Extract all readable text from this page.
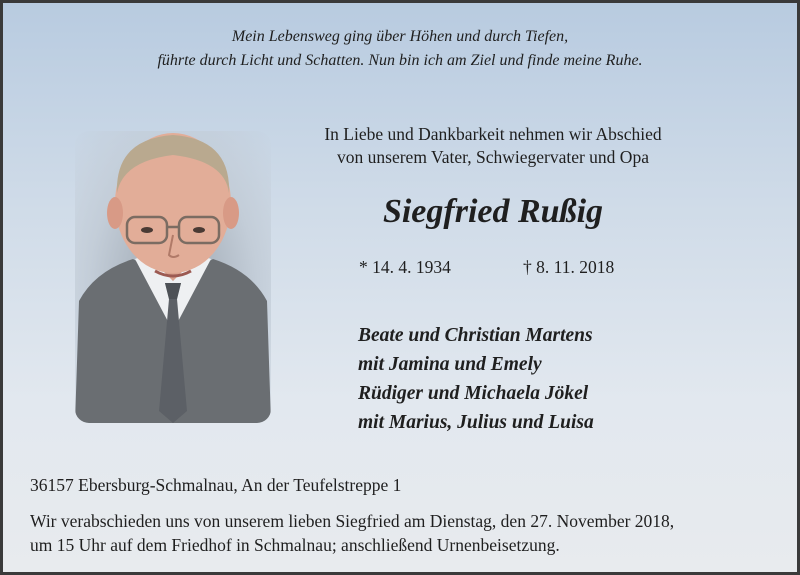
Mein Lebensweg ging über Höhen und durch Tiefen,
führte durch Licht und Schatten. Nun bin ich am Ziel und finde meine Ruhe.
In Liebe und Dankbarkeit nehmen wir Abschied
von unserem Vater, Schwiegervater und Opa
Siegfried Rußig
* 14. 4. 1934	† 8. 11. 2018
Beate und Christian Martens
mit Jamina und Emely
Rüdiger und Michaela Jökel
mit Marius, Julius und Luisa
36157 Ebersburg-Schmalnau, An der Teufelstreppe 1
Wir verabschieden uns von unserem lieben Siegfried am Dienstag, den 27. November 2018,
um 15 Uhr auf dem Friedhof in Schmalnau; anschließend Urnenbeisetzung.
